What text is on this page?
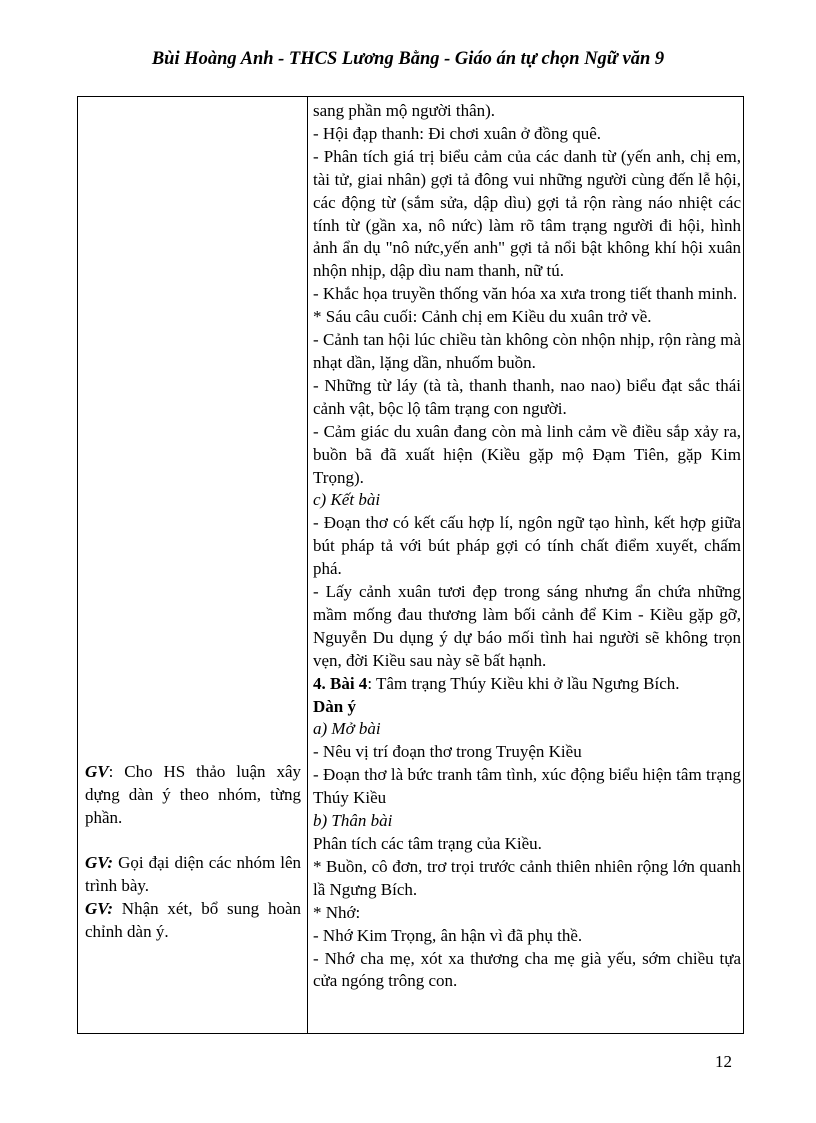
Bùi Hoàng Anh - THCS Lương Bằng - Giáo án tự chọn Ngữ văn 9

GV: Cho HS thảo luận xây dựng dàn ý theo nhóm, từng phần.

GV: Gọi đại diện các nhóm lên trình bày.

GV: Nhận xét, bổ sung hoàn chỉnh dàn ý.

sang phần mộ người thân).

- Hội đạp thanh: Đi chơi xuân ở đồng quê.

- Phân tích giá trị biểu cảm của các danh từ (yến anh, chị em, tài tử, giai nhân) gợi tả đông vui những người cùng đến lễ hội, các động từ (sắm sửa, dập dìu) gợi tả rộn ràng náo nhiệt các tính từ (gần xa, nô nức) làm rõ tâm trạng người đi hội, hình ảnh ẩn dụ "nô nức,yến anh" gợi tả nổi bật không khí hội xuân nhộn nhịp, dập dìu nam thanh, nữ tú.

- Khắc họa truyền thống văn hóa xa xưa trong tiết thanh minh.

* Sáu câu cuối: Cảnh chị em Kiều du xuân trở về.

- Cảnh tan hội lúc chiều tàn không còn nhộn nhịp, rộn ràng mà nhạt dần, lặng dần, nhuốm buồn.

- Những từ láy (tà tà, thanh thanh, nao nao) biểu đạt sắc thái cảnh vật, bộc lộ tâm trạng con người.

- Cảm giác du xuân đang còn mà linh cảm về điều sắp xảy ra, buồn bã đã xuất hiện (Kiều gặp mộ Đạm Tiên, gặp Kim Trọng).

c) Kết bài

- Đoạn thơ có kết cấu hợp lí, ngôn ngữ tạo hình, kết hợp giữa bút pháp tả với bút pháp gợi có tính chất điểm xuyết, chấm phá.

- Lấy cảnh xuân tươi đẹp trong sáng nhưng ẩn chứa những mầm mống đau thương làm bối cảnh để Kim - Kiều gặp gỡ, Nguyễn Du dụng ý dự báo mối tình hai người sẽ không trọn vẹn, đời Kiều sau này sẽ bất hạnh.

4. Bài 4: Tâm trạng Thúy Kiều khi ở lầu Ngưng Bích.

Dàn ý

a) Mở bài

- Nêu vị trí đoạn thơ trong Truyện Kiều

- Đoạn thơ là bức tranh tâm tình, xúc động biểu hiện tâm trạng Thúy Kiều

b) Thân bài

Phân tích các tâm trạng của Kiều.

* Buồn, cô đơn, trơ trọi trước cảnh thiên nhiên rộng lớn quanh lầ Ngưng Bích.

* Nhớ:

- Nhớ Kim Trọng, ân hận vì đã phụ thề.

- Nhớ cha mẹ, xót xa thương cha mẹ già yếu, sớm chiều tựa cửa ngóng trông con.

12
